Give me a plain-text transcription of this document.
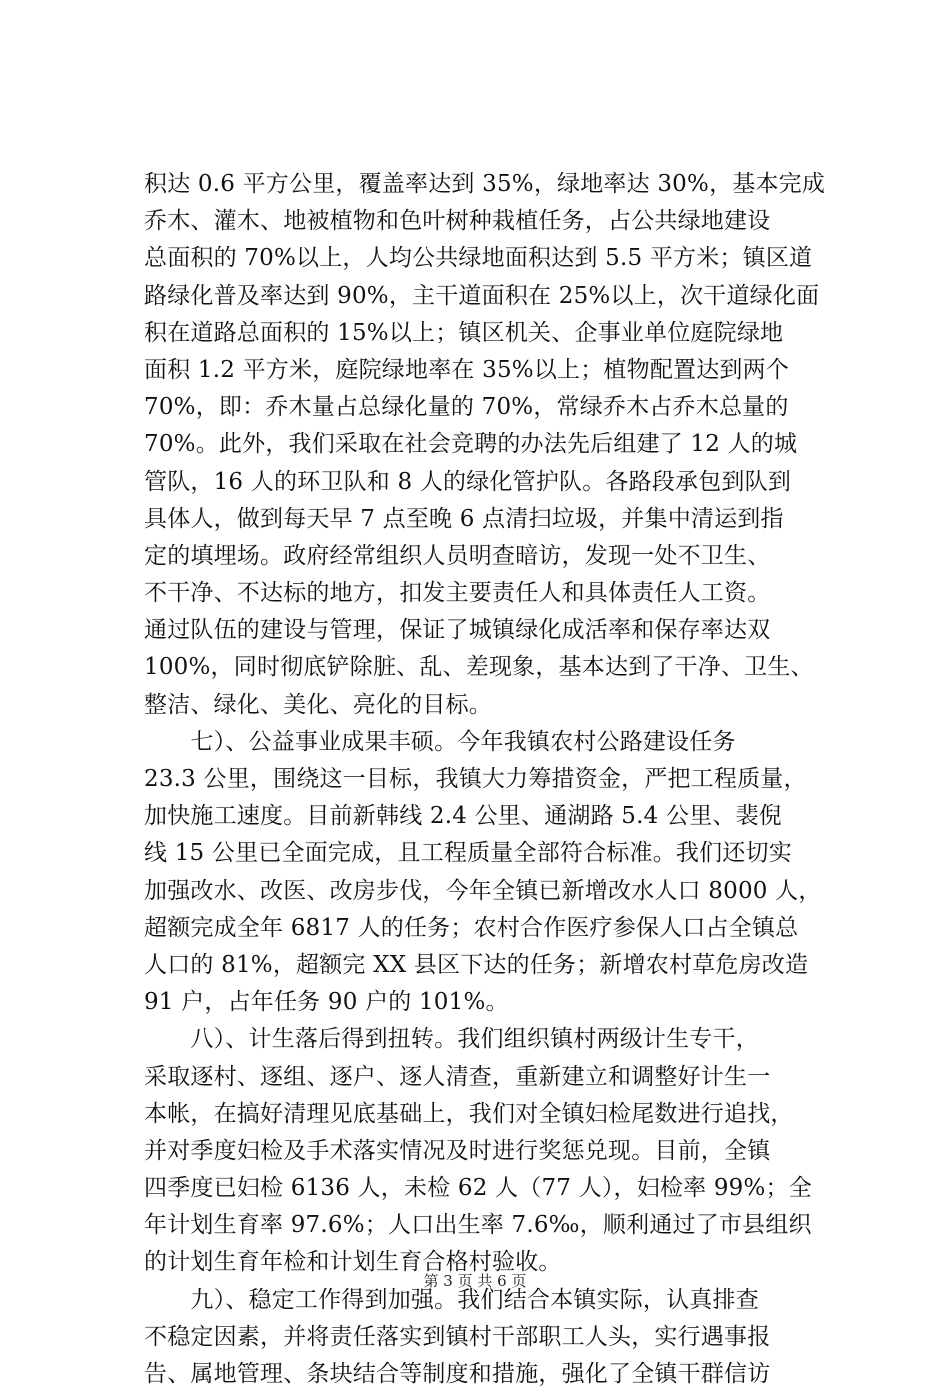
积达 0.6 平方公里，覆盖率达到 35%，绿地率达 30%，基本完成
乔木、灌木、地被植物和色叶树种栽植任务，占公共绿地建设
总面积的 70%以上，人均公共绿地面积达到 5.5 平方米；镇区道
路绿化普及率达到 90%，主干道面积在 25%以上，次干道绿化面
积在道路总面积的 15%以上；镇区机关、企事业单位庭院绿地
面积 1.2 平方米，庭院绿地率在 35%以上；植物配置达到两个
70%，即：乔木量占总绿化量的 70%，常绿乔木占乔木总量的
70%。此外，我们采取在社会竞聘的办法先后组建了 12 人的城
管队，16 人的环卫队和 8 人的绿化管护队。各路段承包到队到
具体人，做到每天早 7 点至晚 6 点清扫垃圾，并集中清运到指
定的填埋场。政府经常组织人员明查暗访，发现一处不卫生、
不干净、不达标的地方，扣发主要责任人和具体责任人工资。
通过队伍的建设与管理，保证了城镇绿化成活率和保存率达双
100%，同时彻底铲除脏、乱、差现象，基本达到了干净、卫生、
整洁、绿化、美化、亮化的目标。
　　七）、公益事业成果丰硕。今年我镇农村公路建设任务
23.3 公里，围绕这一目标，我镇大力筹措资金，严把工程质量，
加快施工速度。目前新韩线 2.4 公里、通湖路 5.4 公里、裴倪
线 15 公里已全面完成，且工程质量全部符合标准。我们还切实
加强改水、改医、改房步伐，今年全镇已新增改水人口 8000 人，
超额完成全年 6817 人的任务；农村合作医疗参保人口占全镇总
人口的 81%，超额完 XX 县区下达的任务；新增农村草危房改造
91 户，占年任务 90 户的 101%。
　　八）、计生落后得到扭转。我们组织镇村两级计生专干，
采取逐村、逐组、逐户、逐人清查，重新建立和调整好计生一
本帐，在搞好清理见底基础上，我们对全镇妇检尾数进行追找，
并对季度妇检及手术落实情况及时进行奖惩兑现。目前，全镇
四季度已妇检 6136 人，未检 62 人（77 人），妇检率 99%；全
年计划生育率 97.6%；人口出生率 7.6‰，顺利通过了市县组织
的计划生育年检和计划生育合格村验收。
　　九）、稳定工作得到加强。我们结合本镇实际，认真排查
不稳定因素，并将责任落实到镇村干部职工人头，实行遇事报
告、属地管理、条块结合等制度和措施，强化了全镇干群信访
第 3 页 共 6 页
